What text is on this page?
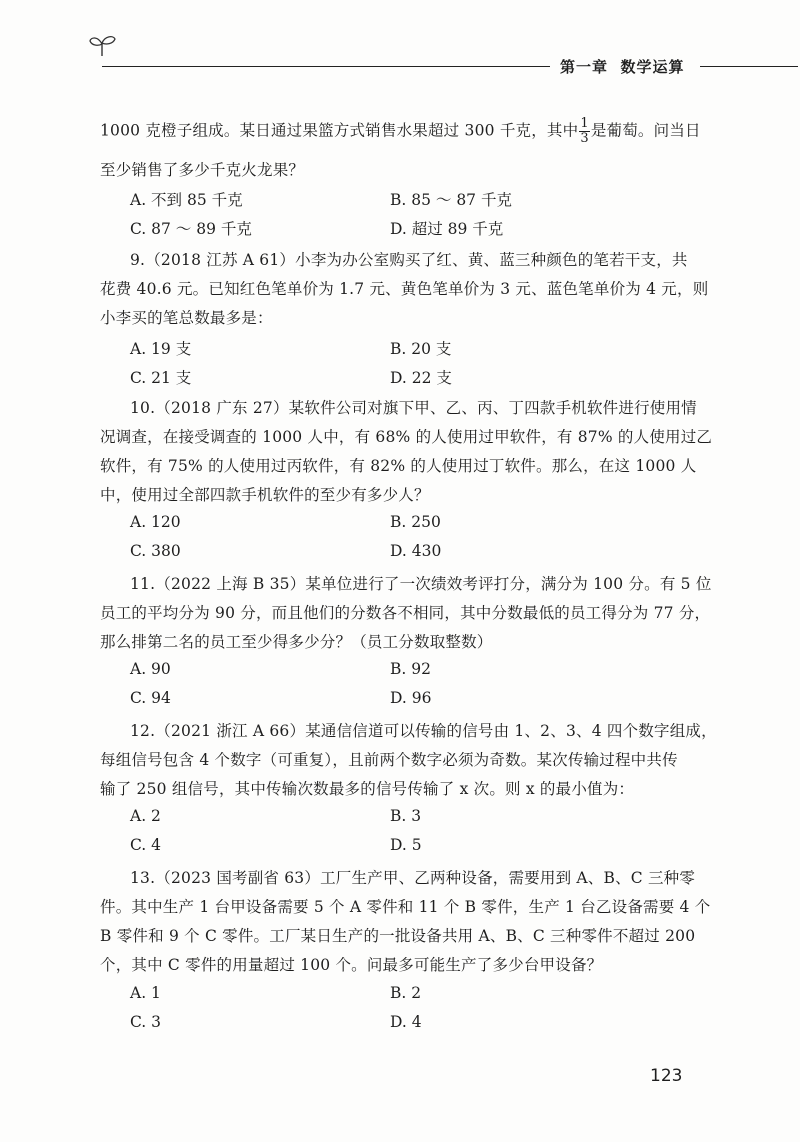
第一章 数学运算
1000 克橙子组成。某日通过果篮方式销售水果超过 300 千克，其中 $\frac{1}{3}$ 是葡萄。问当日
至少销售了多少千克火龙果？
A. 不到 85 千克	B. 85 ～ 87 千克
C. 87 ～ 89 千克	D. 超过 89 千克
9.（2018 江苏 A 61）小李为办公室购买了红、黄、蓝三种颜色的笔若干支，共
花费 40.6 元。已知红色笔单价为 1.7 元、黄色笔单价为 3 元、蓝色笔单价为 4 元，则
小李买的笔总数最多是：
A. 19 支	B. 20 支
C. 21 支	D. 22 支
10.（2018 广东 27）某软件公司对旗下甲、乙、丙、丁四款手机软件进行使用情
况调查，在接受调查的 1000 人中，有 68% 的人使用过甲软件，有 87% 的人使用过乙
软件，有 75% 的人使用过丙软件，有 82% 的人使用过丁软件。那么，在这 1000 人
中，使用过全部四款手机软件的至少有多少人？
A. 120	B. 250
C. 380	D. 430
11.（2022 上海 B 35）某单位进行了一次绩效考评打分，满分为 100 分。有 5 位
员工的平均分为 90 分，而且他们的分数各不相同，其中分数最低的员工得分为 77 分，
那么排第二名的员工至少得多少分？（员工分数取整数）
A. 90	B. 92
C. 94	D. 96
12.（2021 浙江 A 66）某通信信道可以传输的信号由 1、2、3、4 四个数字组成，
每组信号包含 4 个数字（可重复），且前两个数字必须为奇数。某次传输过程中共传
输了 250 组信号，其中传输次数最多的信号传输了 x 次。则 x 的最小值为：
A. 2	B. 3
C. 4	D. 5
13.（2023 国考副省 63）工厂生产甲、乙两种设备，需要用到 A、B、C 三种零
件。其中生产 1 台甲设备需要 5 个 A 零件和 11 个 B 零件，生产 1 台乙设备需要 4 个
B 零件和 9 个 C 零件。工厂某日生产的一批设备共用 A、B、C 三种零件不超过 200
个，其中 C 零件的用量超过 100 个。问最多可能生产了多少台甲设备？
A. 1	B. 2
C. 3	D. 4
123
